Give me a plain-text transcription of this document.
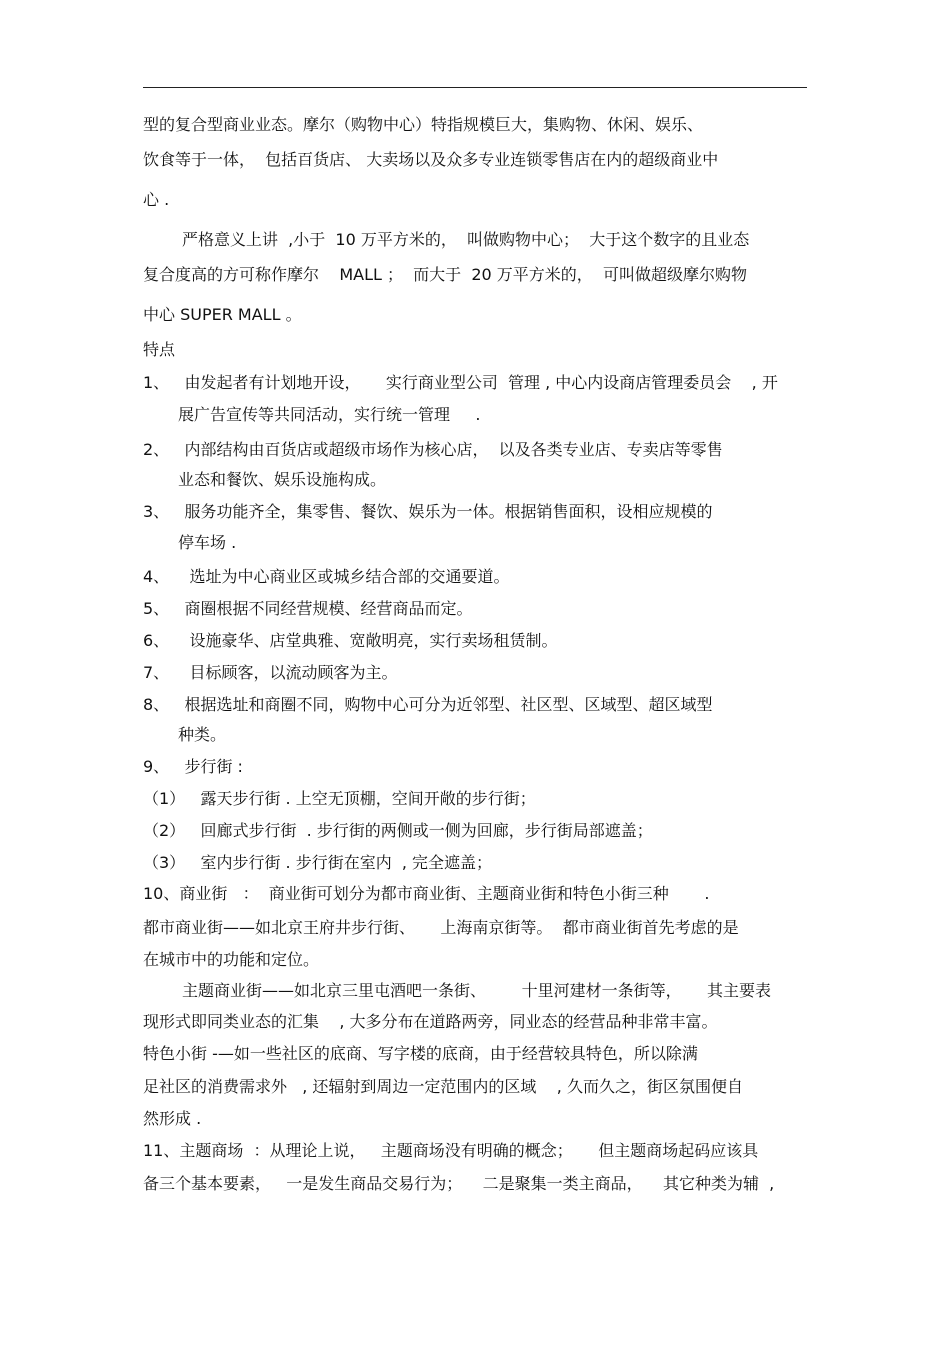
型的复合型商业业态。摩尔（购物中心）特指规模巨大，集购物、休闲、娱乐、
饮食等于一体，  包括百货店、 大卖场以及众多专业连锁零售店在内的超级商业中
心 .
严格意义上讲  ,小于  10 万平方米的，  叫做购物中心；  大于这个数字的且业态
复合度高的方可称作摩尔    MALL ；  而大于  20 万平方米的，  可叫做超级摩尔购物
中心 SUPER MALL 。
特点
1、   由发起者有计划地开设，     实行商业型公司  管理 , 中心内设商店管理委员会    , 开
展广告宣传等共同活动，实行统一管理     .
2、   内部结构由百货店或超级市场作为核心店，  以及各类专业店、专卖店等零售
业态和餐饮、娱乐设施构成。
3、   服务功能齐全，集零售、餐饮、娱乐为一体。根据销售面积，设相应规模的
停车场 .
4、    选址为中心商业区或城乡结合部的交通要道。
5、   商圈根据不同经营规模、经营商品而定。
6、    设施豪华、店堂典雅、宽敞明亮，实行卖场租赁制。
7、    目标顾客，以流动顾客为主。
8、   根据选址和商圈不同，购物中心可分为近邻型、社区型、区域型、超区域型
种类。
9、   步行街 :
（1）   露天步行街 . 上空无顶棚，空间开敞的步行街；
（2）   回廊式步行街  . 步行街的两侧或一侧为回廊，步行街局部遮盖；
（3）   室内步行街 . 步行街在室内  , 完全遮盖；
10、商业街   ：  商业街可划分为都市商业街、主题商业街和特色小街三种       .
都市商业街——如北京王府井步行街、     上海南京街等。  都市商业街首先考虑的是
在城市中的功能和定位。
主题商业街——如北京三里屯酒吧一条街、       十里河建材一条街等，     其主要表
现形式即同类业态的汇集    , 大多分布在道路两旁，同业态的经营品种非常丰富。
特色小街 -—如一些社区的底商、写字楼的底商，由于经营较具特色，所以除满
足社区的消费需求外   , 还辐射到周边一定范围内的区域    , 久而久之，街区氛围便自
然形成 .
11、主题商场  ：从理论上说，   主题商场没有明确的概念；     但主题商场起码应该具
备三个基本要素，   一是发生商品交易行为；    二是聚集一类主商品，    其它种类为辅  ,
